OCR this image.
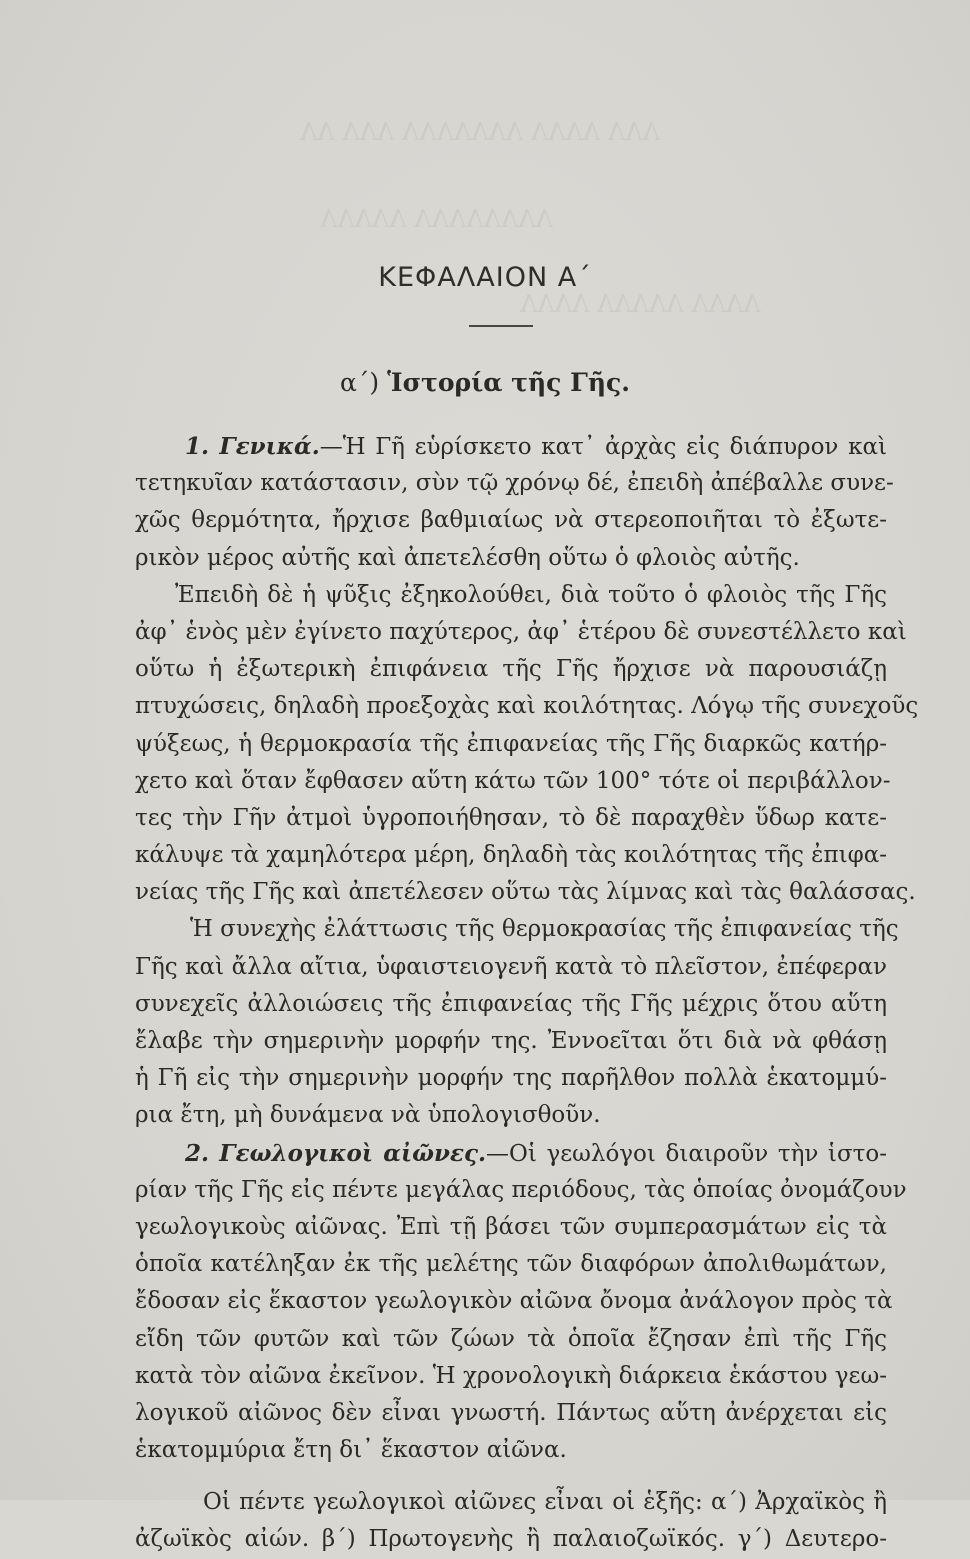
ΛΛΛ ΛΛΛΛ ΛΛΛΛΛΛΛ ΛΛΛ ΛΛ
ΛΛΛΛΛΛΛΛ ΛΛΛΛΛ
ΛΛΛΛ ΛΛΛΛΛ ΛΛΛΛ
ΚΕΦΑΛΑΙΟΝ Α΄
α΄) Ἱστορία τῆς Γῆς.
1. Γενικά.—Ἡ Γῆ εὑρίσκετο κατ᾿ ἀρχὰς εἰς διάπυρον καὶ
τετηκυῖαν κατάστασιν, σὺν τῷ χρόνῳ δέ, ἐπειδὴ ἀπέβαλλε συνε-
χῶς θερμότητα, ἤρχισε βαθμιαίως νὰ στερεοποιῆται τὸ ἐξωτε-
ρικὸν μέρος αὐτῆς καὶ ἀπετελέσθη οὕτω ὁ φλοιὸς αὐτῆς.
Ἐπειδὴ δὲ ἡ ψῦξις ἐξηκολούθει, διὰ τοῦτο ὁ φλοιὸς τῆς Γῆς
ἀφ᾿ ἑνὸς μὲν ἐγίνετο παχύτερος, ἀφ᾿ ἑτέρου δὲ συνεστέλλετο καὶ
οὕτω ἡ ἐξωτερικὴ ἐπιφάνεια τῆς Γῆς ἤρχισε νὰ παρουσιάζῃ
πτυχώσεις, δηλαδὴ προεξοχὰς καὶ κοιλότητας. Λόγῳ τῆς συνεχοῦς
ψύξεως, ἡ θερμοκρασία τῆς ἐπιφανείας τῆς Γῆς διαρκῶς κατήρ-
χετο καὶ ὅταν ἔφθασεν αὕτη κάτω τῶν 100° τότε οἱ περιβάλλον-
τες τὴν Γῆν ἀτμοὶ ὑγροποιήθησαν, τὸ δὲ παραχθὲν ὕδωρ κατε-
κάλυψε τὰ χαμηλότερα μέρη, δηλαδὴ τὰς κοιλότητας τῆς ἐπιφα-
νείας τῆς Γῆς καὶ ἀπετέλεσεν οὕτω τὰς λίμνας καὶ τὰς θαλάσσας.
Ἡ συνεχὴς ἐλάττωσις τῆς θερμοκρασίας τῆς ἐπιφανείας τῆς
Γῆς καὶ ἄλλα αἴτια, ὑφαιστειογενῆ κατὰ τὸ πλεῖστον, ἐπέφεραν
συνεχεῖς ἀλλοιώσεις τῆς ἐπιφανείας τῆς Γῆς μέχρις ὅτου αὕτη
ἔλαβε τὴν σημερινὴν μορφήν της. Ἐννοεῖται ὅτι διὰ νὰ φθάσῃ
ἡ Γῆ εἰς τὴν σημερινὴν μορφήν της παρῆλθον πολλὰ ἑκατομμύ-
ρια ἔτη, μὴ δυνάμενα νὰ ὑπολογισθοῦν.
2. Γεωλογικοὶ αἰῶνες.—Οἱ γεωλόγοι διαιροῦν τὴν ἱστο-
ρίαν τῆς Γῆς εἰς πέντε μεγάλας περιόδους, τὰς ὁποίας ὀνομάζουν
γεωλογικοὺς αἰῶνας. Ἐπὶ τῇ βάσει τῶν συμπερασμάτων εἰς τὰ
ὁποῖα κατέληξαν ἐκ τῆς μελέτης τῶν διαφόρων ἀπολιθωμάτων,
ἔδοσαν εἰς ἕκαστον γεωλογικὸν αἰῶνα ὄνομα ἀνάλογον πρὸς τὰ
εἴδη τῶν φυτῶν καὶ τῶν ζώων τὰ ὁποῖα ἔζησαν ἐπὶ τῆς Γῆς
κατὰ τὸν αἰῶνα ἐκεῖνον. Ἡ χρονολογικὴ διάρκεια ἑκάστου γεω-
λογικοῦ αἰῶνος δὲν εἶναι γνωστή. Πάντως αὕτη ἀνέρχεται εἰς
ἑκατομμύρια ἔτη δι᾿ ἕκαστον αἰῶνα.
Οἱ πέντε γεωλογικοὶ αἰῶνες εἶναι οἱ ἑξῆς: α΄) Ἀρχαϊκὸς ἢ
ἀζωϊκὸς αἰών. β΄) Πρωτογενὴς ἢ παλαιοζωϊκός. γ΄) Δευτερο-
